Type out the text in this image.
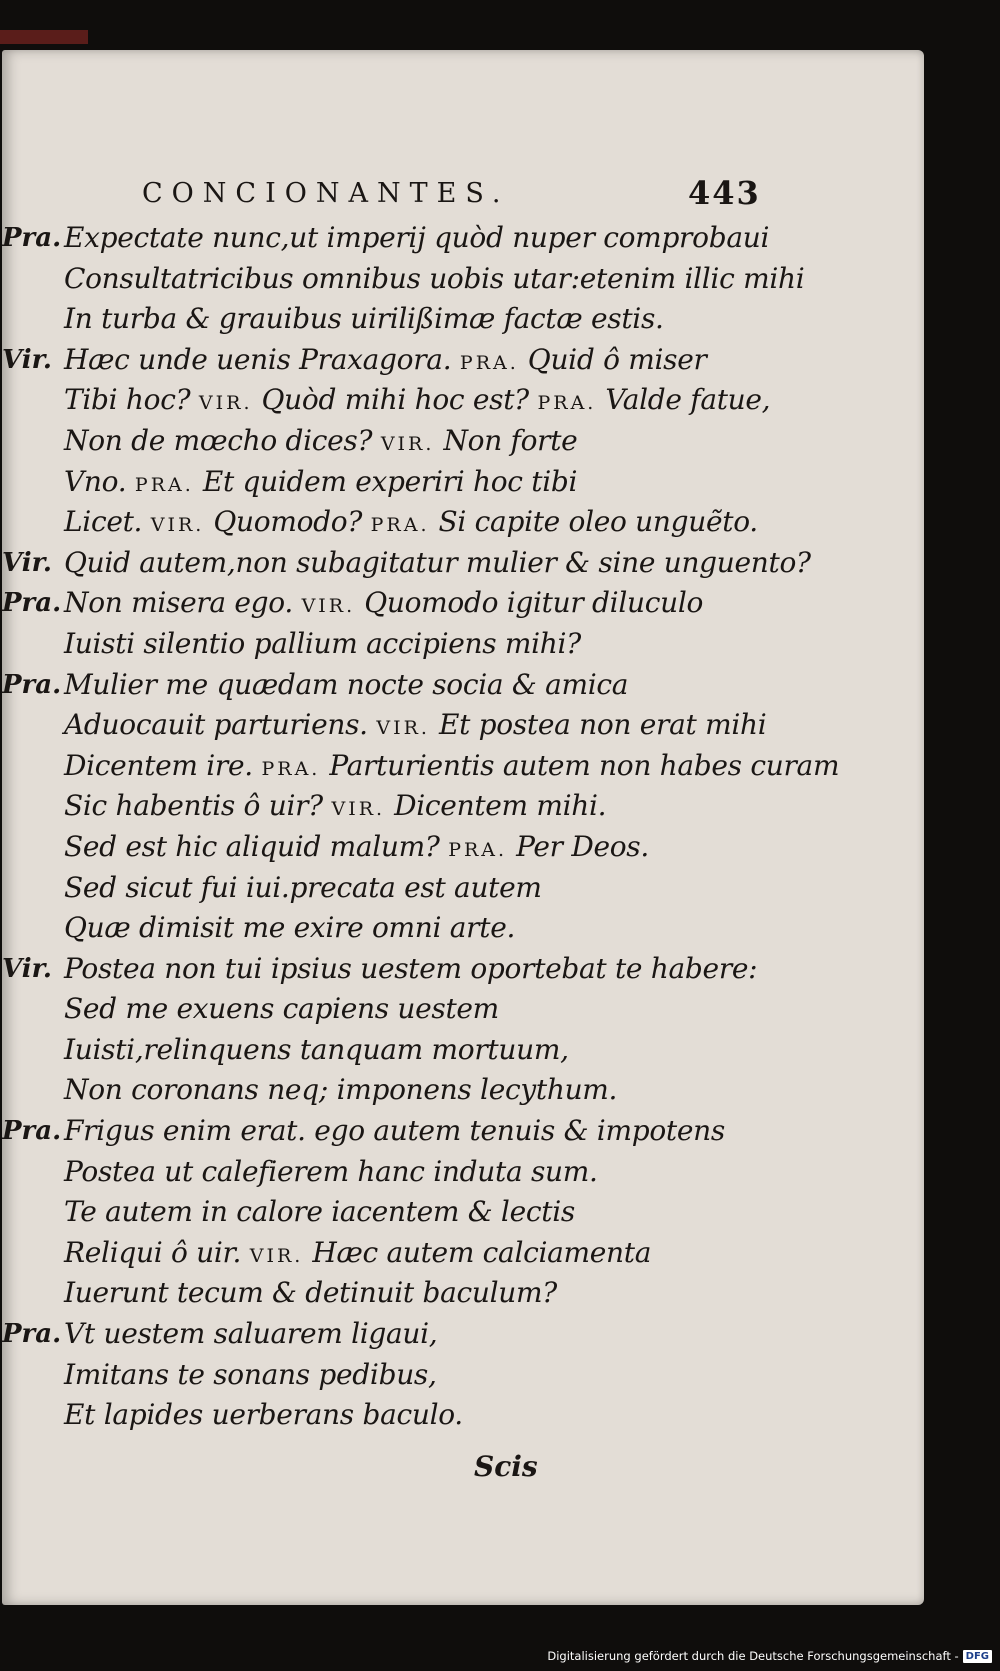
CONCIONANTES.	443
Pra. Expectate nunc,ut imperij quòd nuper comprobaui
Consultatricibus omnibus uobis utar:etenim illic mihi
In turba & grauibus uirilißimæ factæ estis.
Vir. Hæc unde uenis Praxagora. PRA. Quid ô miser
Tibi hoc? VIR. Quòd mihi hoc est? PRA. Valde fatue,
Non de mœcho dices? VIR. Non forte
Vno. PRA. Et quidem experiri hoc tibi
Licet. VIR. Quomodo? PRA. Si capite oleo unguẽto.
Vir. Quid autem,non subagitatur mulier & sine unguento?
Pra. Non misera ego. VIR. Quomodo igitur diluculo
Iuisti silentio pallium accipiens mihi?
Pra. Mulier me quædam nocte socia & amica
Aduocauit parturiens. VIR. Et postea non erat mihi
Dicentem ire. PRA. Parturientis autem non habes curam
Sic habentis ô uir? VIR. Dicentem mihi.
Sed est hic aliquid malum? PRA. Per Deos.
Sed sicut fui iui.precata est autem
Quæ dimisit me exire omni arte.
Vir. Postea non tui ipsius uestem oportebat te habere:
Sed me exuens capiens uestem
Iuisti,relinquens tanquam mortuum,
Non coronans neq; imponens lecythum.
Pra. Frigus enim erat. ego autem tenuis & impotens
Postea ut calefierem hanc induta sum.
Te autem in calore iacentem & lectis
Reliqui ô uir. VIR. Hæc autem calciamenta
Iuerunt tecum & detinuit baculum?
Pra. Vt uestem saluarem ligaui,
Imitans te sonans pedibus,
Et lapides uerberans baculo.
Scis
Digitalisierung gefördert durch die Deutsche Forschungsgemeinschaft - DFG
